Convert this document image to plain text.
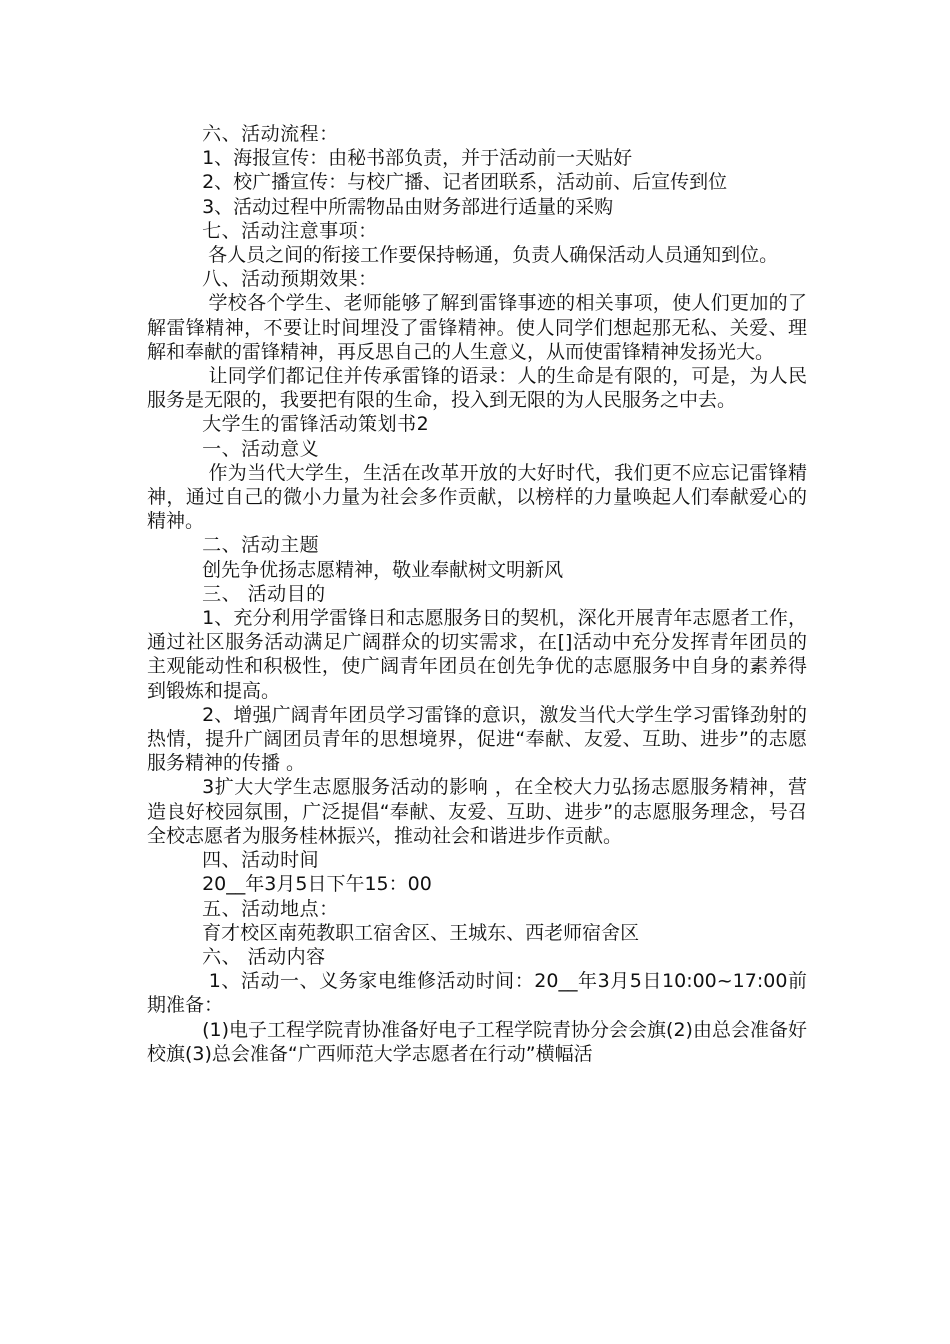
六、活动流程：

1、海报宣传：由秘书部负责，并于活动前一天贴好

2、校广播宣传：与校广播、记者团联系，活动前、后宣传到位

3、活动过程中所需物品由财务部进行适量的采购

七、活动注意事项：

各人员之间的衔接工作要保持畅通，负责人确保活动人员通知到位。

八、活动预期效果：

学校各个学生、老师能够了解到雷锋事迹的相关事项，使人们更加的了解雷锋精神，不要让时间埋没了雷锋精神。使人同学们想起那无私、关爱、理解和奉献的雷锋精神，再反思自己的人生意义，从而使雷锋精神发扬光大。

让同学们都记住并传承雷锋的语录：人的生命是有限的，可是，为人民服务是无限的，我要把有限的生命，投入到无限的为人民服务之中去。

大学生的雷锋活动策划书2

一、活动意义

作为当代大学生，生活在改革开放的大好时代，我们更不应忘记雷锋精神，通过自己的微小力量为社会多作贡献，以榜样的力量唤起人们奉献爱心的精神。

二、活动主题

创先争优扬志愿精神，敬业奉献树文明新风

三、 活动目的

1、充分利用学雷锋日和志愿服务日的契机，深化开展青年志愿者工作，通过社区服务活动满足广阔群众的切实需求，在[]活动中充分发挥青年团员的主观能动性和积极性，使广阔青年团员在创先争优的志愿服务中自身的素养得到锻炼和提高。

2、增强广阔青年团员学习雷锋的意识，激发当代大学生学习雷锋劲射的热情，提升广阔团员青年的思想境界，促进“奉献、友爱、互助、进步”的志愿服务精神的传播 。

3扩大大学生志愿服务活动的影响 ，在全校大力弘扬志愿服务精神，营造良好校园氛围，广泛提倡“奉献、友爱、互助、进步”的志愿服务理念，号召全校志愿者为服务桂林振兴，推动社会和谐进步作贡献。

四、活动时间

20__年3月5日下午15：00

五、活动地点：

育才校区南苑教职工宿舍区、王城东、西老师宿舍区

六、 活动内容

1、活动一、义务家电维修活动时间：20__年3月5日10:00~17:00前期准备：

(1)电子工程学院青协准备好电子工程学院青协分会会旗(2)由总会准备好校旗(3)总会准备“广西师范大学志愿者在行动”横幅活
